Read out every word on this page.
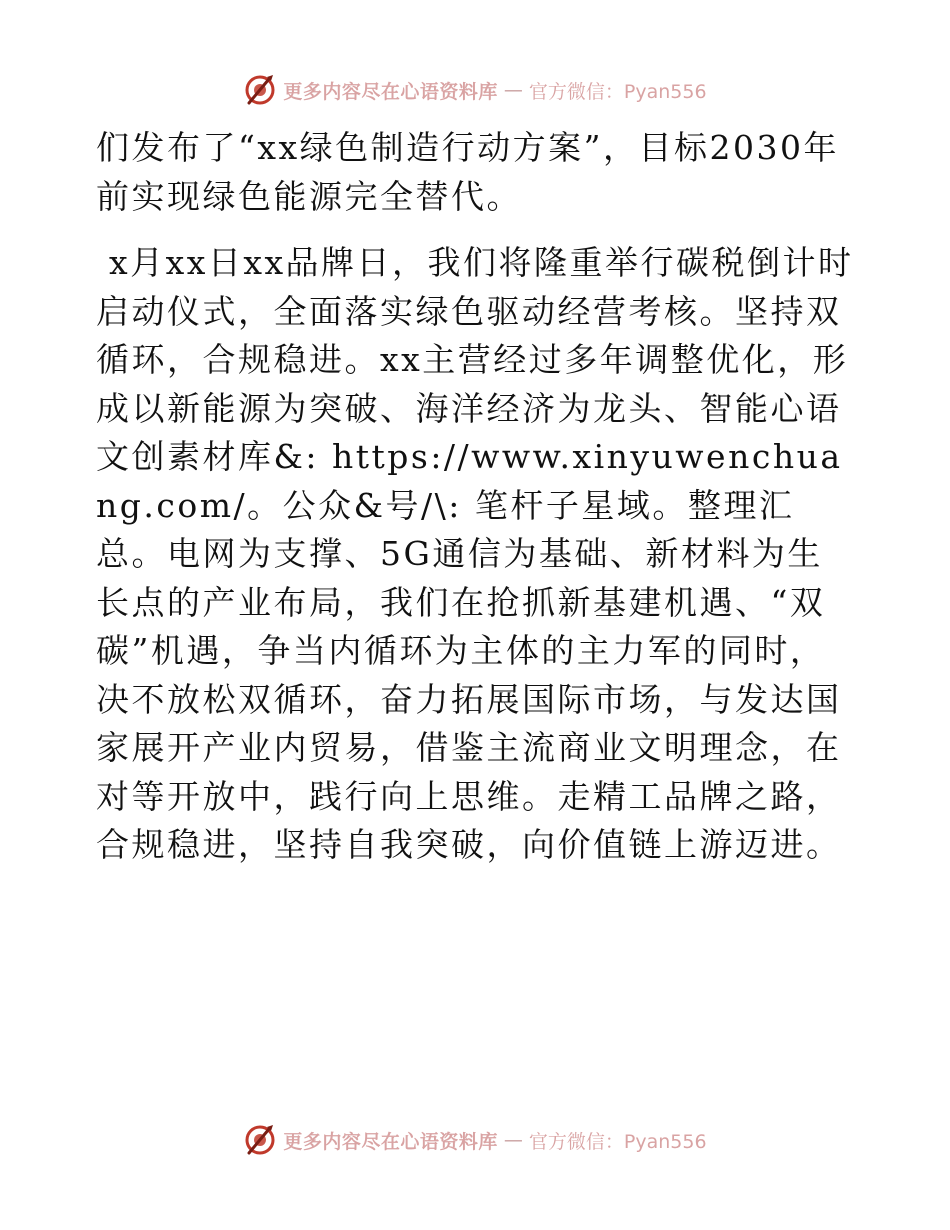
更多内容尽在心语资料库 — 官方微信：Pyan556

们发布了“xx绿色制造行动方案”，目标2030年前实现绿色能源完全替代。

x月xx日xx品牌日，我们将隆重举行碳税倒计时启动仪式，全面落实绿色驱动经营考核。坚持双循环，合规稳进。xx主营经过多年调整优化，形成以新能源为突破、海洋经济为龙头、智能心语文创素材库&: https://www.xinyuwenchuang.com/。公众&号/\: 笔杆子星域。整理汇总。电网为支撑、5G通信为基础、新材料为生长点的产业布局，我们在抢抓新基建机遇、“双碳”机遇，争当内循环为主体的主力军的同时，决不放松双循环，奋力拓展国际市场，与发达国家展开产业内贸易，借鉴主流商业文明理念，在对等开放中，践行向上思维。走精工品牌之路，合规稳进，坚持自我突破，向价值链上游迈进。

更多内容尽在心语资料库 — 官方微信：Pyan556
